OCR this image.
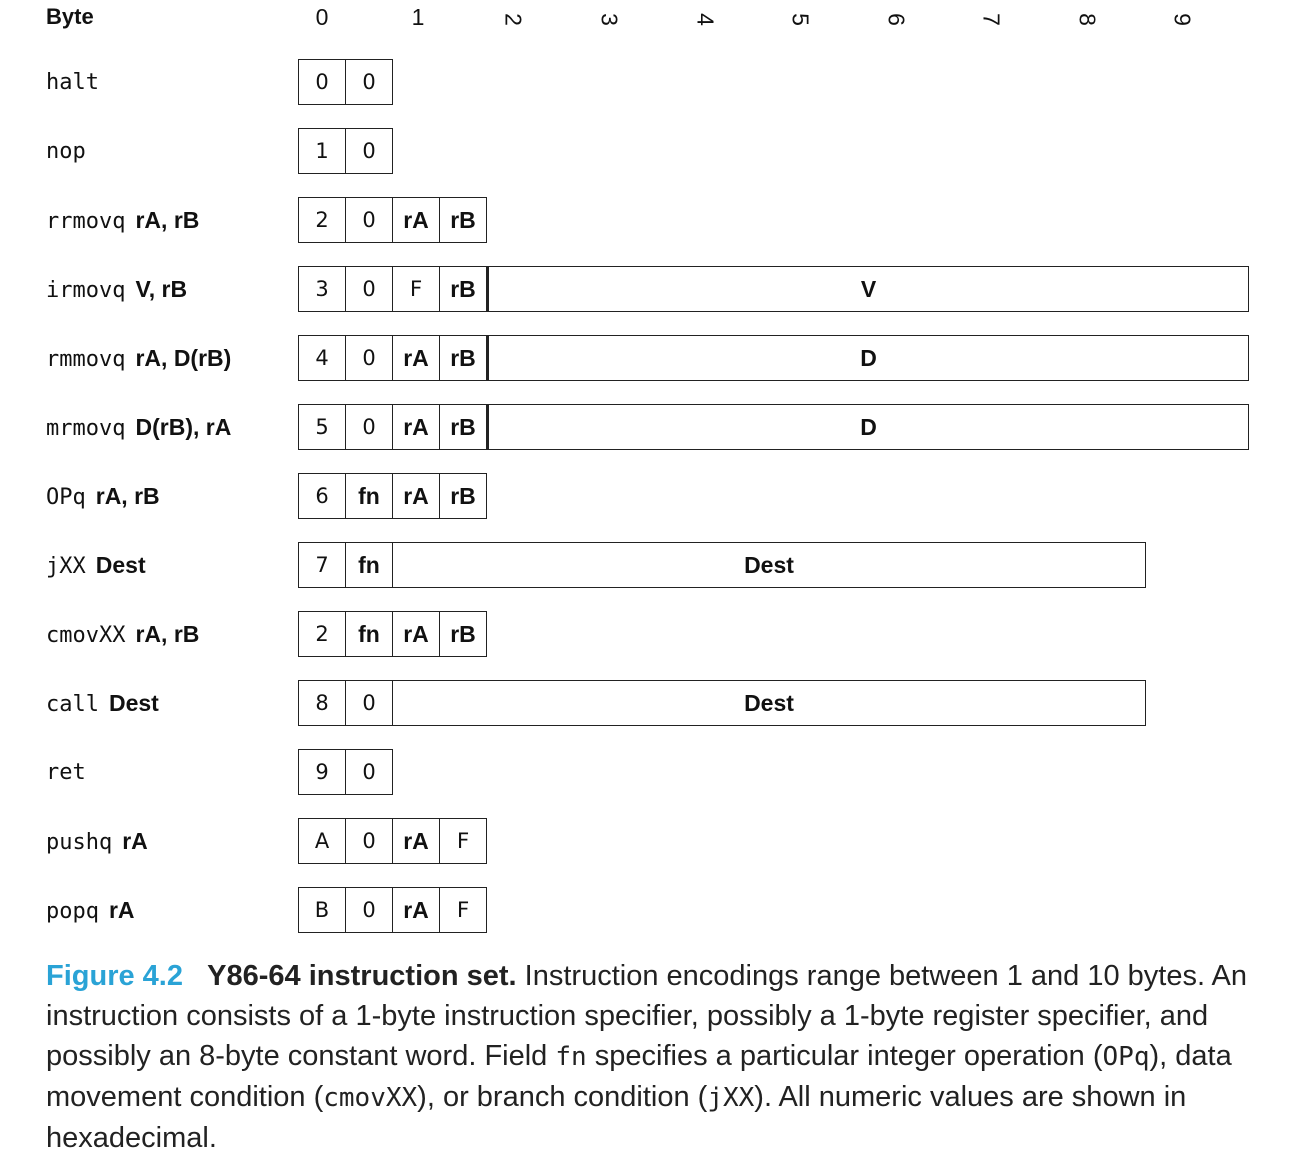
Byte	0	1	2	3	4	5	6	7	8	9
halt	0	0
nop	1	0
rrmovq rA, rB	2	0	rA rB
irmovq V, rB	3	0	F	rB	V
rmmovq rA, D(rB)	4	0	rA rB	D
mrmovq D(rB), rA	5	0	rA rB	D
OPq rA, rB	6	fn	rA rB
jXX Dest	7	fn	Dest
cmovXX rA, rB	2	fn	rA rB
call Dest	8	0	Dest
ret	9	0
pushq rA	A	0	rA	F
popq rA	B	0	rA	F
Figure 4.2 Y86-64 instruction set. Instruction encodings range between 1 and 10 bytes. An instruction consists of a 1-byte instruction specifier, possibly a 1-byte register specifier, and possibly an 8-byte constant word. Field fn specifies a particular integer operation (OPq), data movement condition (cmovXX), or branch condition (jXX). All numeric values are shown in hexadecimal.
